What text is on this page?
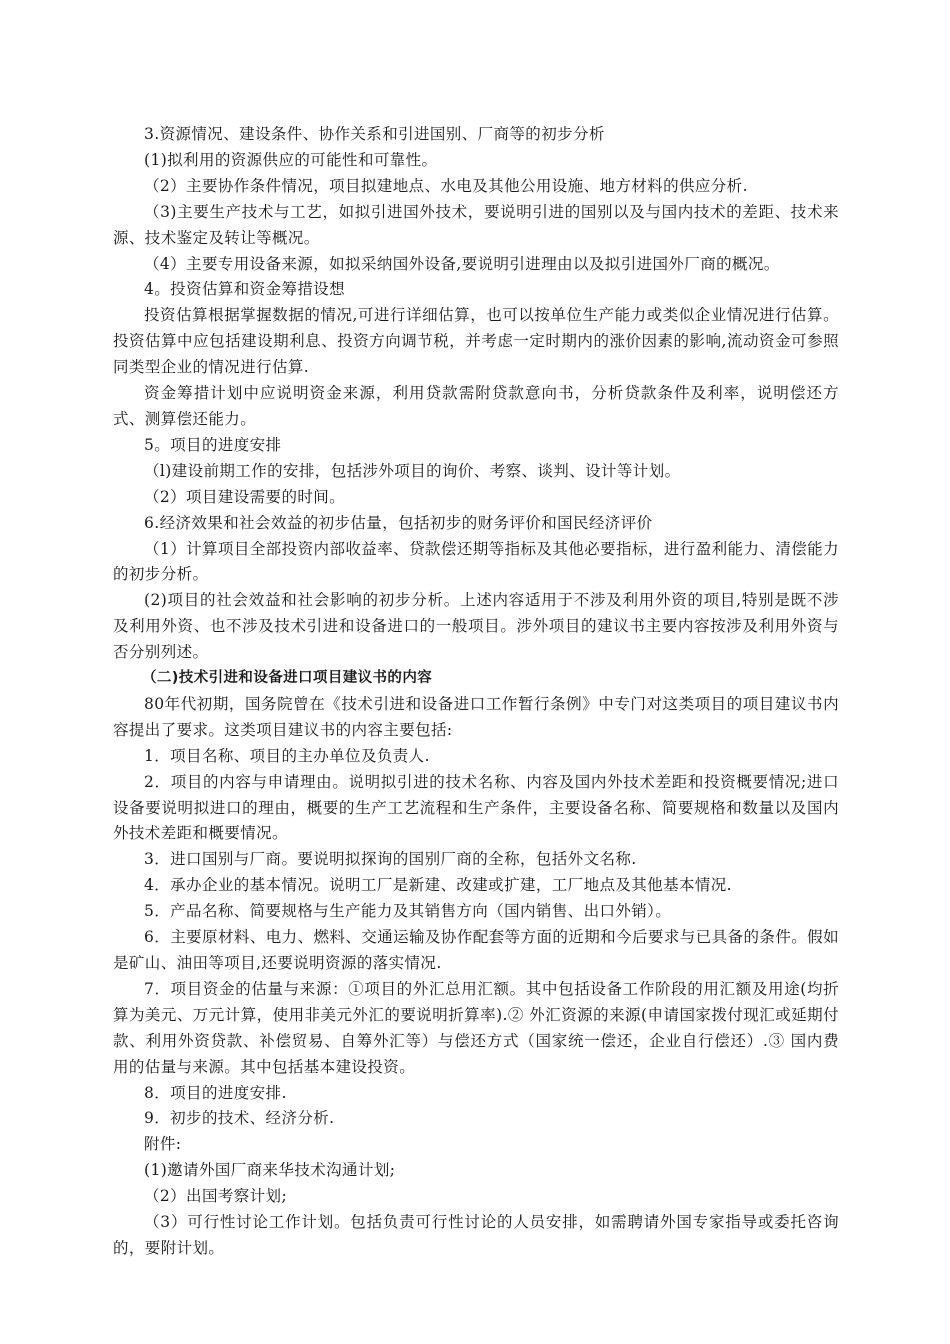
3.资源情况、建设条件、协作关系和引进国别、厂商等的初步分析

(1)拟利用的资源供应的可能性和可靠性。

（2）主要协作条件情况，项目拟建地点、水电及其他公用设施、地方材料的供应分析.

（3)主要生产技术与工艺，如拟引进国外技术，要说明引进的国别以及与国内技术的差距、技术来源、技术鉴定及转让等概况。

（4）主要专用设备来源，如拟采纳国外设备,要说明引进理由以及拟引进国外厂商的概况。

4。投资估算和资金筹措设想

投资估算根据掌握数据的情况,可进行详细估算，也可以按单位生产能力或类似企业情况进行估算。投资估算中应包括建设期利息、投资方向调节税，并考虑一定时期内的涨价因素的影响,流动资金可参照同类型企业的情况进行估算.

资金筹措计划中应说明资金来源，利用贷款需附贷款意向书，分析贷款条件及利率，说明偿还方式、测算偿还能力。

5。项目的进度安排

（l)建设前期工作的安排，包括涉外项目的询价、考察、谈判、设计等计划。

（2）项目建设需要的时间。

6.经济效果和社会效益的初步估量，包括初步的财务评价和国民经济评价

（1）计算项目全部投资内部收益率、贷款偿还期等指标及其他必要指标，进行盈利能力、清偿能力的初步分析。

(2)项目的社会效益和社会影响的初步分析。上述内容适用于不涉及利用外资的项目,特别是既不涉及利用外资、也不涉及技术引进和设备进口的一般项目。涉外项目的建议书主要内容按涉及利用外资与否分别列述。

（二)技术引进和设备进口项目建议书的内容

80年代初期，国务院曾在《技术引进和设备进口工作暂行条例》中专门对这类项目的项目建议书内容提出了要求。这类项目建议书的内容主要包括:

1．项目名称、项目的主办单位及负责人.

2．项目的内容与申请理由。说明拟引进的技术名称、内容及国内外技术差距和投资概要情况;进口设备要说明拟进口的理由，概要的生产工艺流程和生产条件，主要设备名称、简要规格和数量以及国内外技术差距和概要情况。

3．进口国别与厂商。要说明拟探询的国别厂商的全称，包括外文名称.

4．承办企业的基本情况。说明工厂是新建、改建或扩建，工厂地点及其他基本情况.

5．产品名称、简要规格与生产能力及其销售方向（国内销售、出口外销）。

6．主要原材料、电力、燃料、交通运输及协作配套等方面的近期和今后要求与已具备的条件。假如是矿山、油田等项目,还要说明资源的落实情况.

7．项目资金的估量与来源：①项目的外汇总用汇额。其中包括设备工作阶段的用汇额及用途(均折算为美元、万元计算，使用非美元外汇的要说明折算率).② 外汇资源的来源(申请国家拨付现汇或延期付款、利用外资贷款、补偿贸易、自筹外汇等）与偿还方式（国家统一偿还，企业自行偿还）.③ 国内费用的估量与来源。其中包括基本建设投资。

8．项目的进度安排.

9．初步的技术、经济分析.

附件:

(1)邀请外国厂商来华技术沟通计划;

（2）出国考察计划;

（3）可行性讨论工作计划。包括负责可行性讨论的人员安排，如需聘请外国专家指导或委托咨询的，要附计划。
